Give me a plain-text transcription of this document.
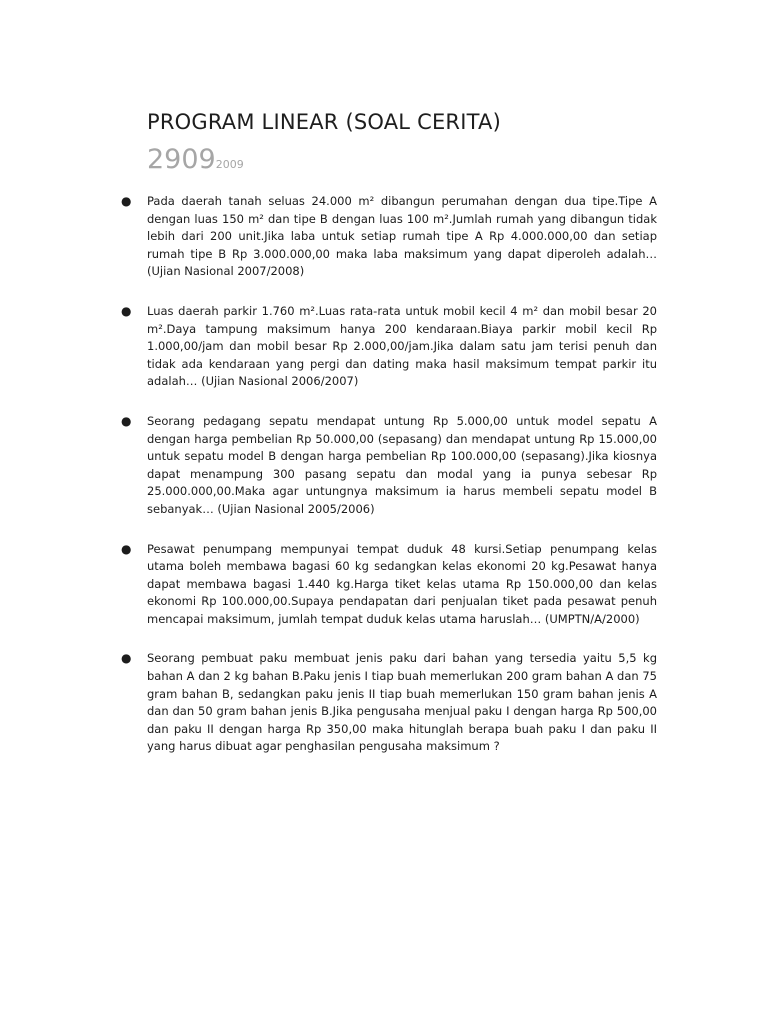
PROGRAM LINEAR (SOAL CERITA)
29092009
● Pada daerah tanah seluas 24.000 m² dibangun perumahan dengan dua tipe.Tipe A dengan luas 150 m² dan tipe B dengan luas 100 m².Jumlah rumah yang dibangun tidak lebih dari 200 unit.Jika laba untuk setiap rumah tipe A Rp 4.000.000,00 dan setiap rumah tipe B Rp 3.000.000,00 maka laba maksimum yang dapat diperoleh adalah… (Ujian Nasional 2007/2008)
● Luas daerah parkir 1.760 m².Luas rata-rata untuk mobil kecil 4 m² dan mobil besar 20 m².Daya tampung maksimum hanya 200 kendaraan.Biaya parkir mobil kecil Rp 1.000,00/jam dan mobil besar Rp 2.000,00/jam.Jika dalam satu jam terisi penuh dan tidak ada kendaraan yang pergi dan dating maka hasil maksimum tempat parkir itu adalah… (Ujian Nasional 2006/2007)
● Seorang pedagang sepatu mendapat untung Rp 5.000,00 untuk model sepatu A dengan harga pembelian Rp 50.000,00 (sepasang) dan mendapat untung Rp 15.000,00 untuk sepatu model B dengan harga pembelian Rp 100.000,00 (sepasang).Jika kiosnya dapat menampung 300 pasang sepatu dan modal yang ia punya sebesar Rp 25.000.000,00.Maka agar untungnya maksimum ia harus membeli sepatu model B sebanyak… (Ujian Nasional 2005/2006)
● Pesawat penumpang mempunyai tempat duduk 48 kursi.Setiap penumpang kelas utama boleh membawa bagasi 60 kg sedangkan kelas ekonomi 20 kg.Pesawat hanya dapat membawa bagasi 1.440 kg.Harga tiket kelas utama Rp 150.000,00 dan kelas ekonomi Rp 100.000,00.Supaya pendapatan dari penjualan tiket pada pesawat penuh mencapai maksimum, jumlah tempat duduk kelas utama haruslah… (UMPTN/A/2000)
● Seorang pembuat paku membuat jenis paku dari bahan yang tersedia yaitu 5,5 kg bahan A dan 2 kg bahan B.Paku jenis I tiap buah memerlukan 200 gram bahan A dan 75 gram bahan B, sedangkan paku jenis II tiap buah memerlukan 150 gram bahan jenis A dan dan 50 gram bahan jenis B.Jika pengusaha menjual paku I dengan harga Rp 500,00 dan paku II dengan harga Rp 350,00 maka hitunglah berapa buah paku I dan paku II yang harus dibuat agar penghasilan pengusaha maksimum ?
